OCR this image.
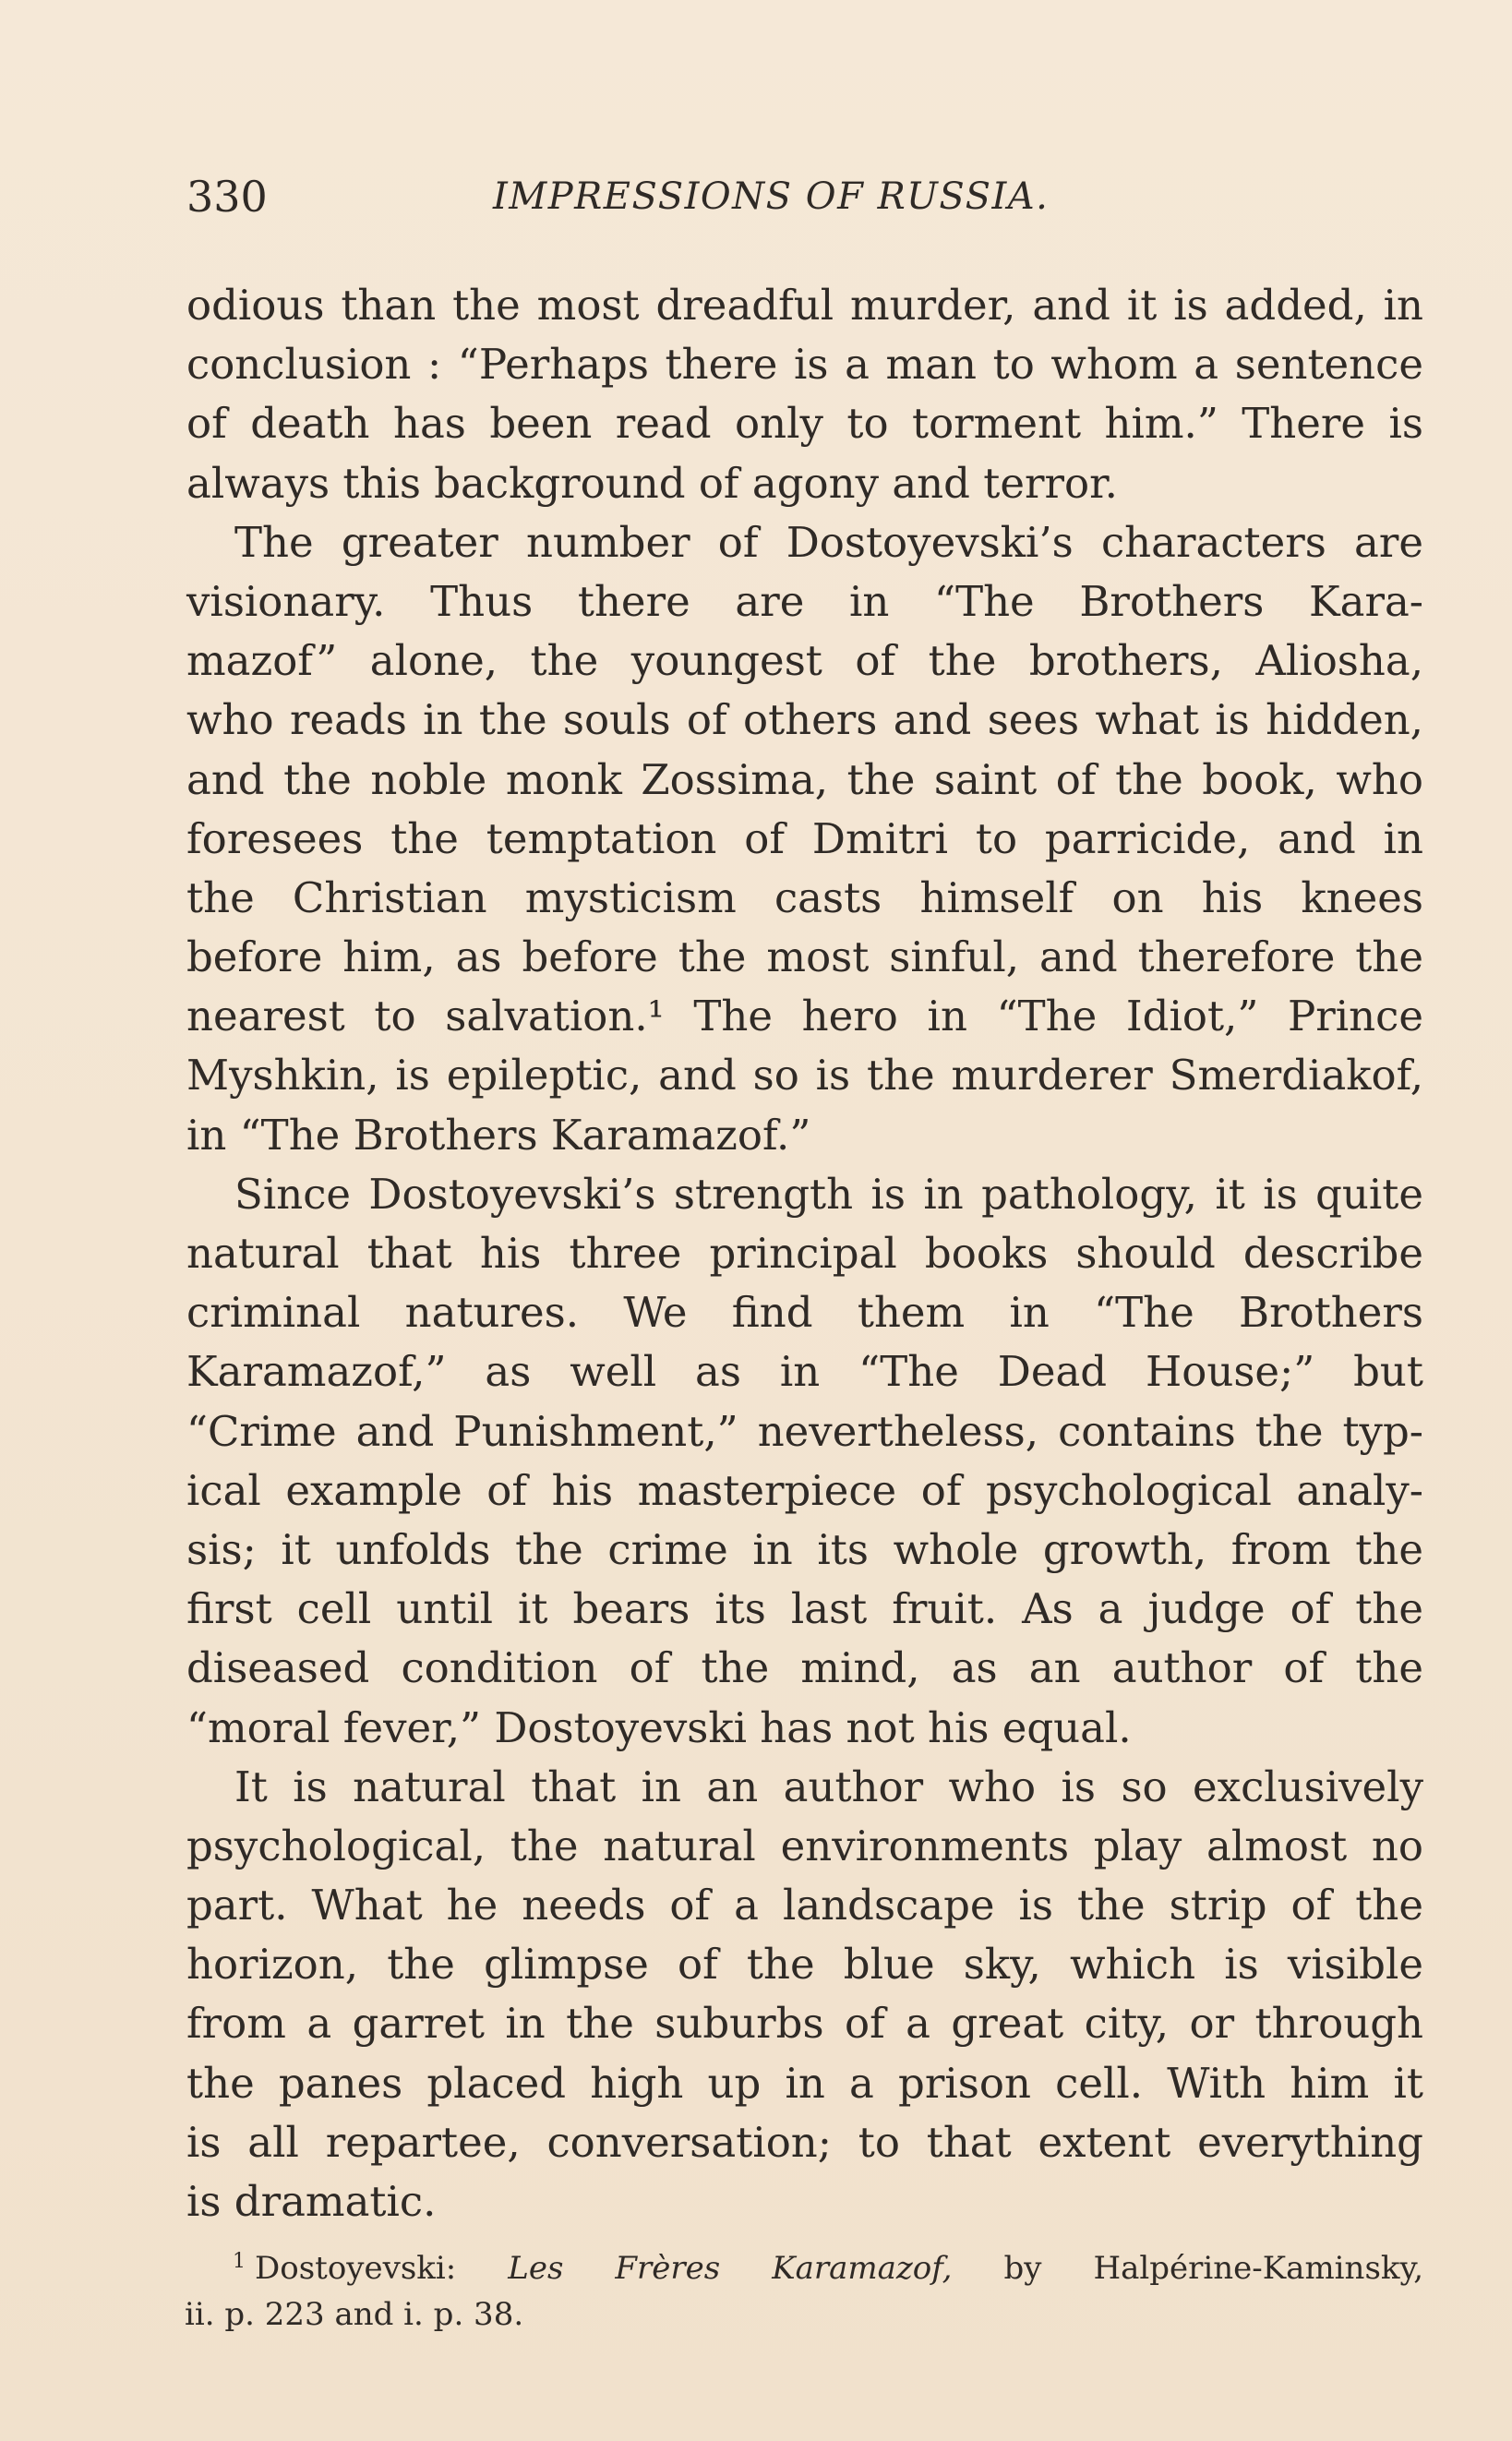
330	IMPRESSIONS OF RUSSIA.
odious than the most dreadful murder, and it is added, in
conclusion : “Perhaps there is a man to whom a sentence
of death has been read only to torment him.” There is
always this background of agony and terror.
The greater number of Dostoyevski’s characters are
visionary. Thus there are in “The Brothers Kara-
mazof” alone, the youngest of the brothers, Aliosha,
who reads in the souls of others and sees what is hidden,
and the noble monk Zossima, the saint of the book, who
foresees the temptation of Dmitri to parricide, and in
the Christian mysticism casts himself on his knees
before him, as before the most sinful, and therefore the
nearest to salvation.¹ The hero in “The Idiot,” Prince
Myshkin, is epileptic, and so is the murderer Smerdiakof,
in “The Brothers Karamazof.”
Since Dostoyevski’s strength is in pathology, it is quite
natural that his three principal books should describe
criminal natures. We find them in “The Brothers
Karamazof,” as well as in “The Dead House;” but
“Crime and Punishment,” nevertheless, contains the typ-
ical example of his masterpiece of psychological analy-
sis; it unfolds the crime in its whole growth, from the
first cell until it bears its last fruit. As a judge of the
diseased condition of the mind, as an author of the
“moral fever,” Dostoyevski has not his equal.
It is natural that in an author who is so exclusively
psychological, the natural environments play almost no
part. What he needs of a landscape is the strip of the
horizon, the glimpse of the blue sky, which is visible
from a garret in the suburbs of a great city, or through
the panes placed high up in a prison cell. With him it
is all repartee, conversation; to that extent everything
is dramatic.
$^1$ Dostoyevski: Les Frères Karamazof, by Halpérine-Kaminsky,
ii. p. 223 and i. p. 38.
